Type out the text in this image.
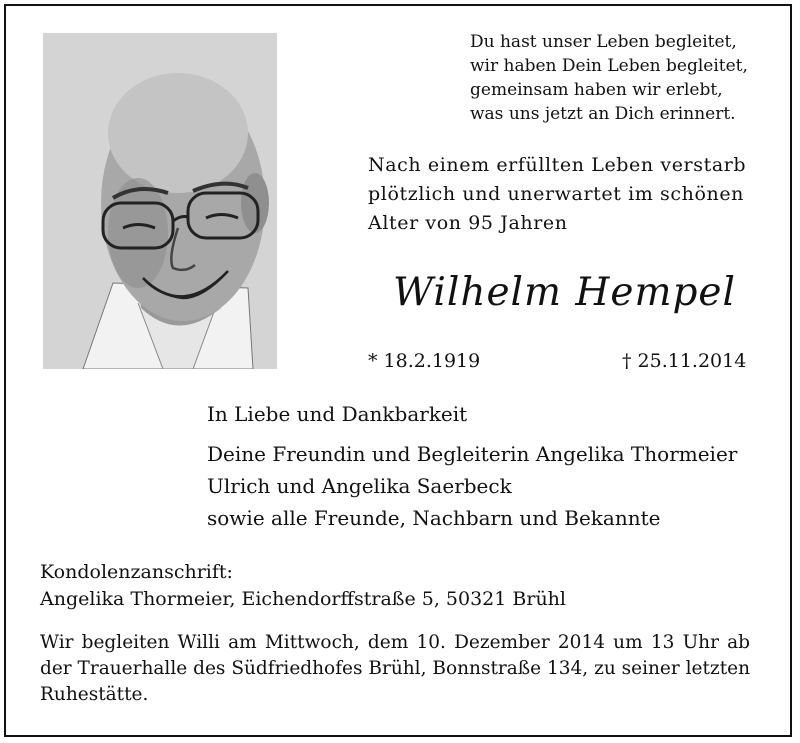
Du hast unser Leben begleitet,
wir haben Dein Leben begleitet,
gemeinsam haben wir erlebt,
was uns jetzt an Dich erinnert.
Nach einem erfüllten Leben verstarb
plötzlich und unerwartet im schönen
Alter von 95 Jahren
Wilhelm Hempel
* 18.2.1919	† 25.11.2014
In Liebe und Dankbarkeit
Deine Freundin und Begleiterin Angelika Thormeier
Ulrich und Angelika Saerbeck
sowie alle Freunde, Nachbarn und Bekannte
Kondolenzanschrift:
Angelika Thormeier, Eichendorffstraße 5, 50321 Brühl
Wir begleiten Willi am Mittwoch, dem 10. Dezember 2014 um 13 Uhr ab der Trauerhalle des Südfriedhofes Brühl, Bonnstraße 134, zu seiner letzten Ruhestätte.
